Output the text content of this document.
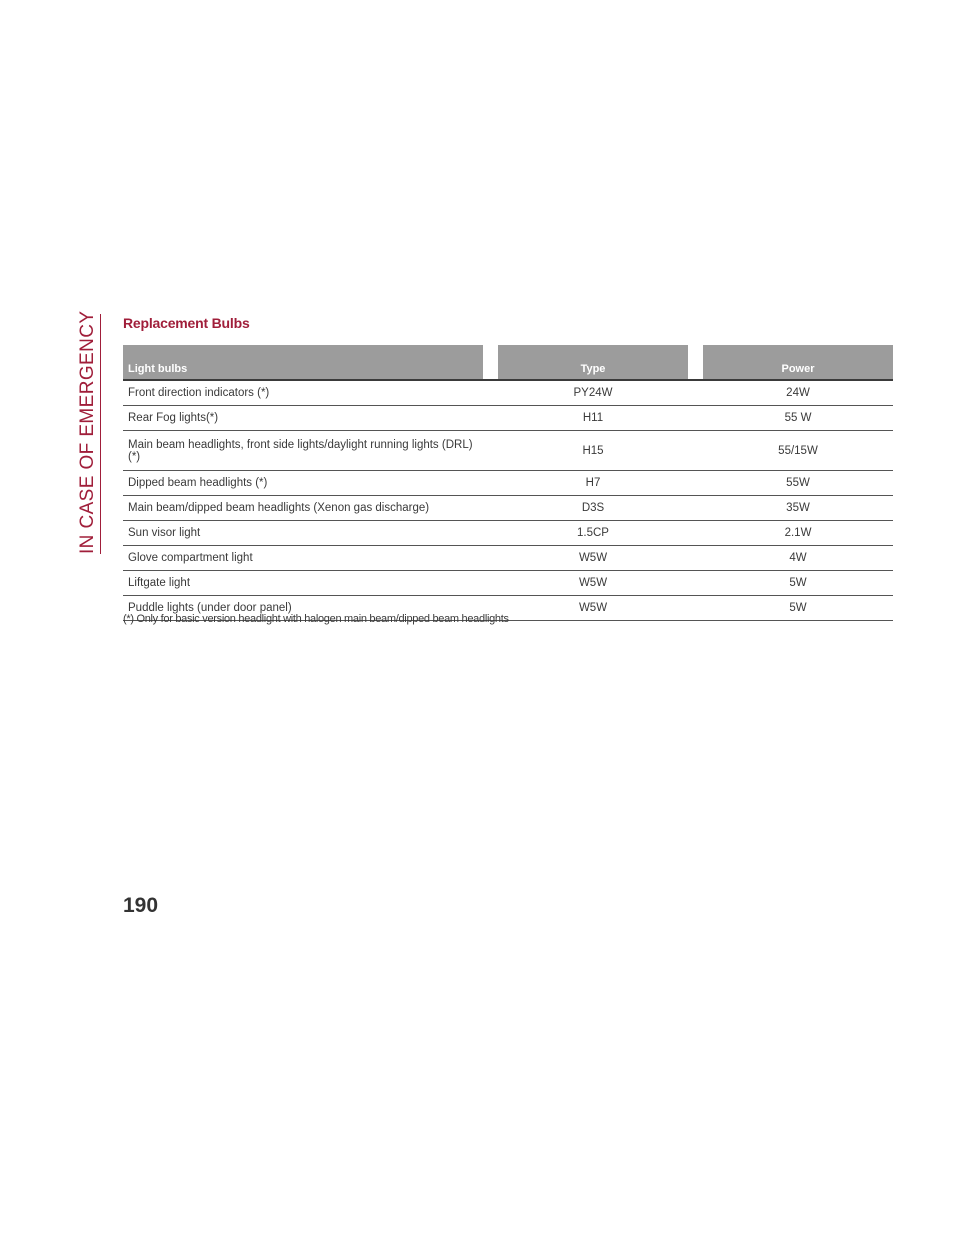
IN CASE OF EMERGENCY Replacement Bulbs
Light bulbs		Type		Power
Front direction indicators (*)		PY24W		24W
Rear Fog lights(*)		H11		55 W
Main beam headlights, front side lights/daylight running lights (DRL) (*)		H15		55/15W
Dipped beam headlights (*)		H7		55W
Main beam/dipped beam headlights (Xenon gas discharge)		D3S		35W
Sun visor light		1.5CP		2.1W
Glove compartment light		W5W		4W
Liftgate light		W5W		5W
Puddle lights (under door panel)		W5W		5W
(*) Only for basic version headlight with halogen main beam/dipped beam headlights
190
